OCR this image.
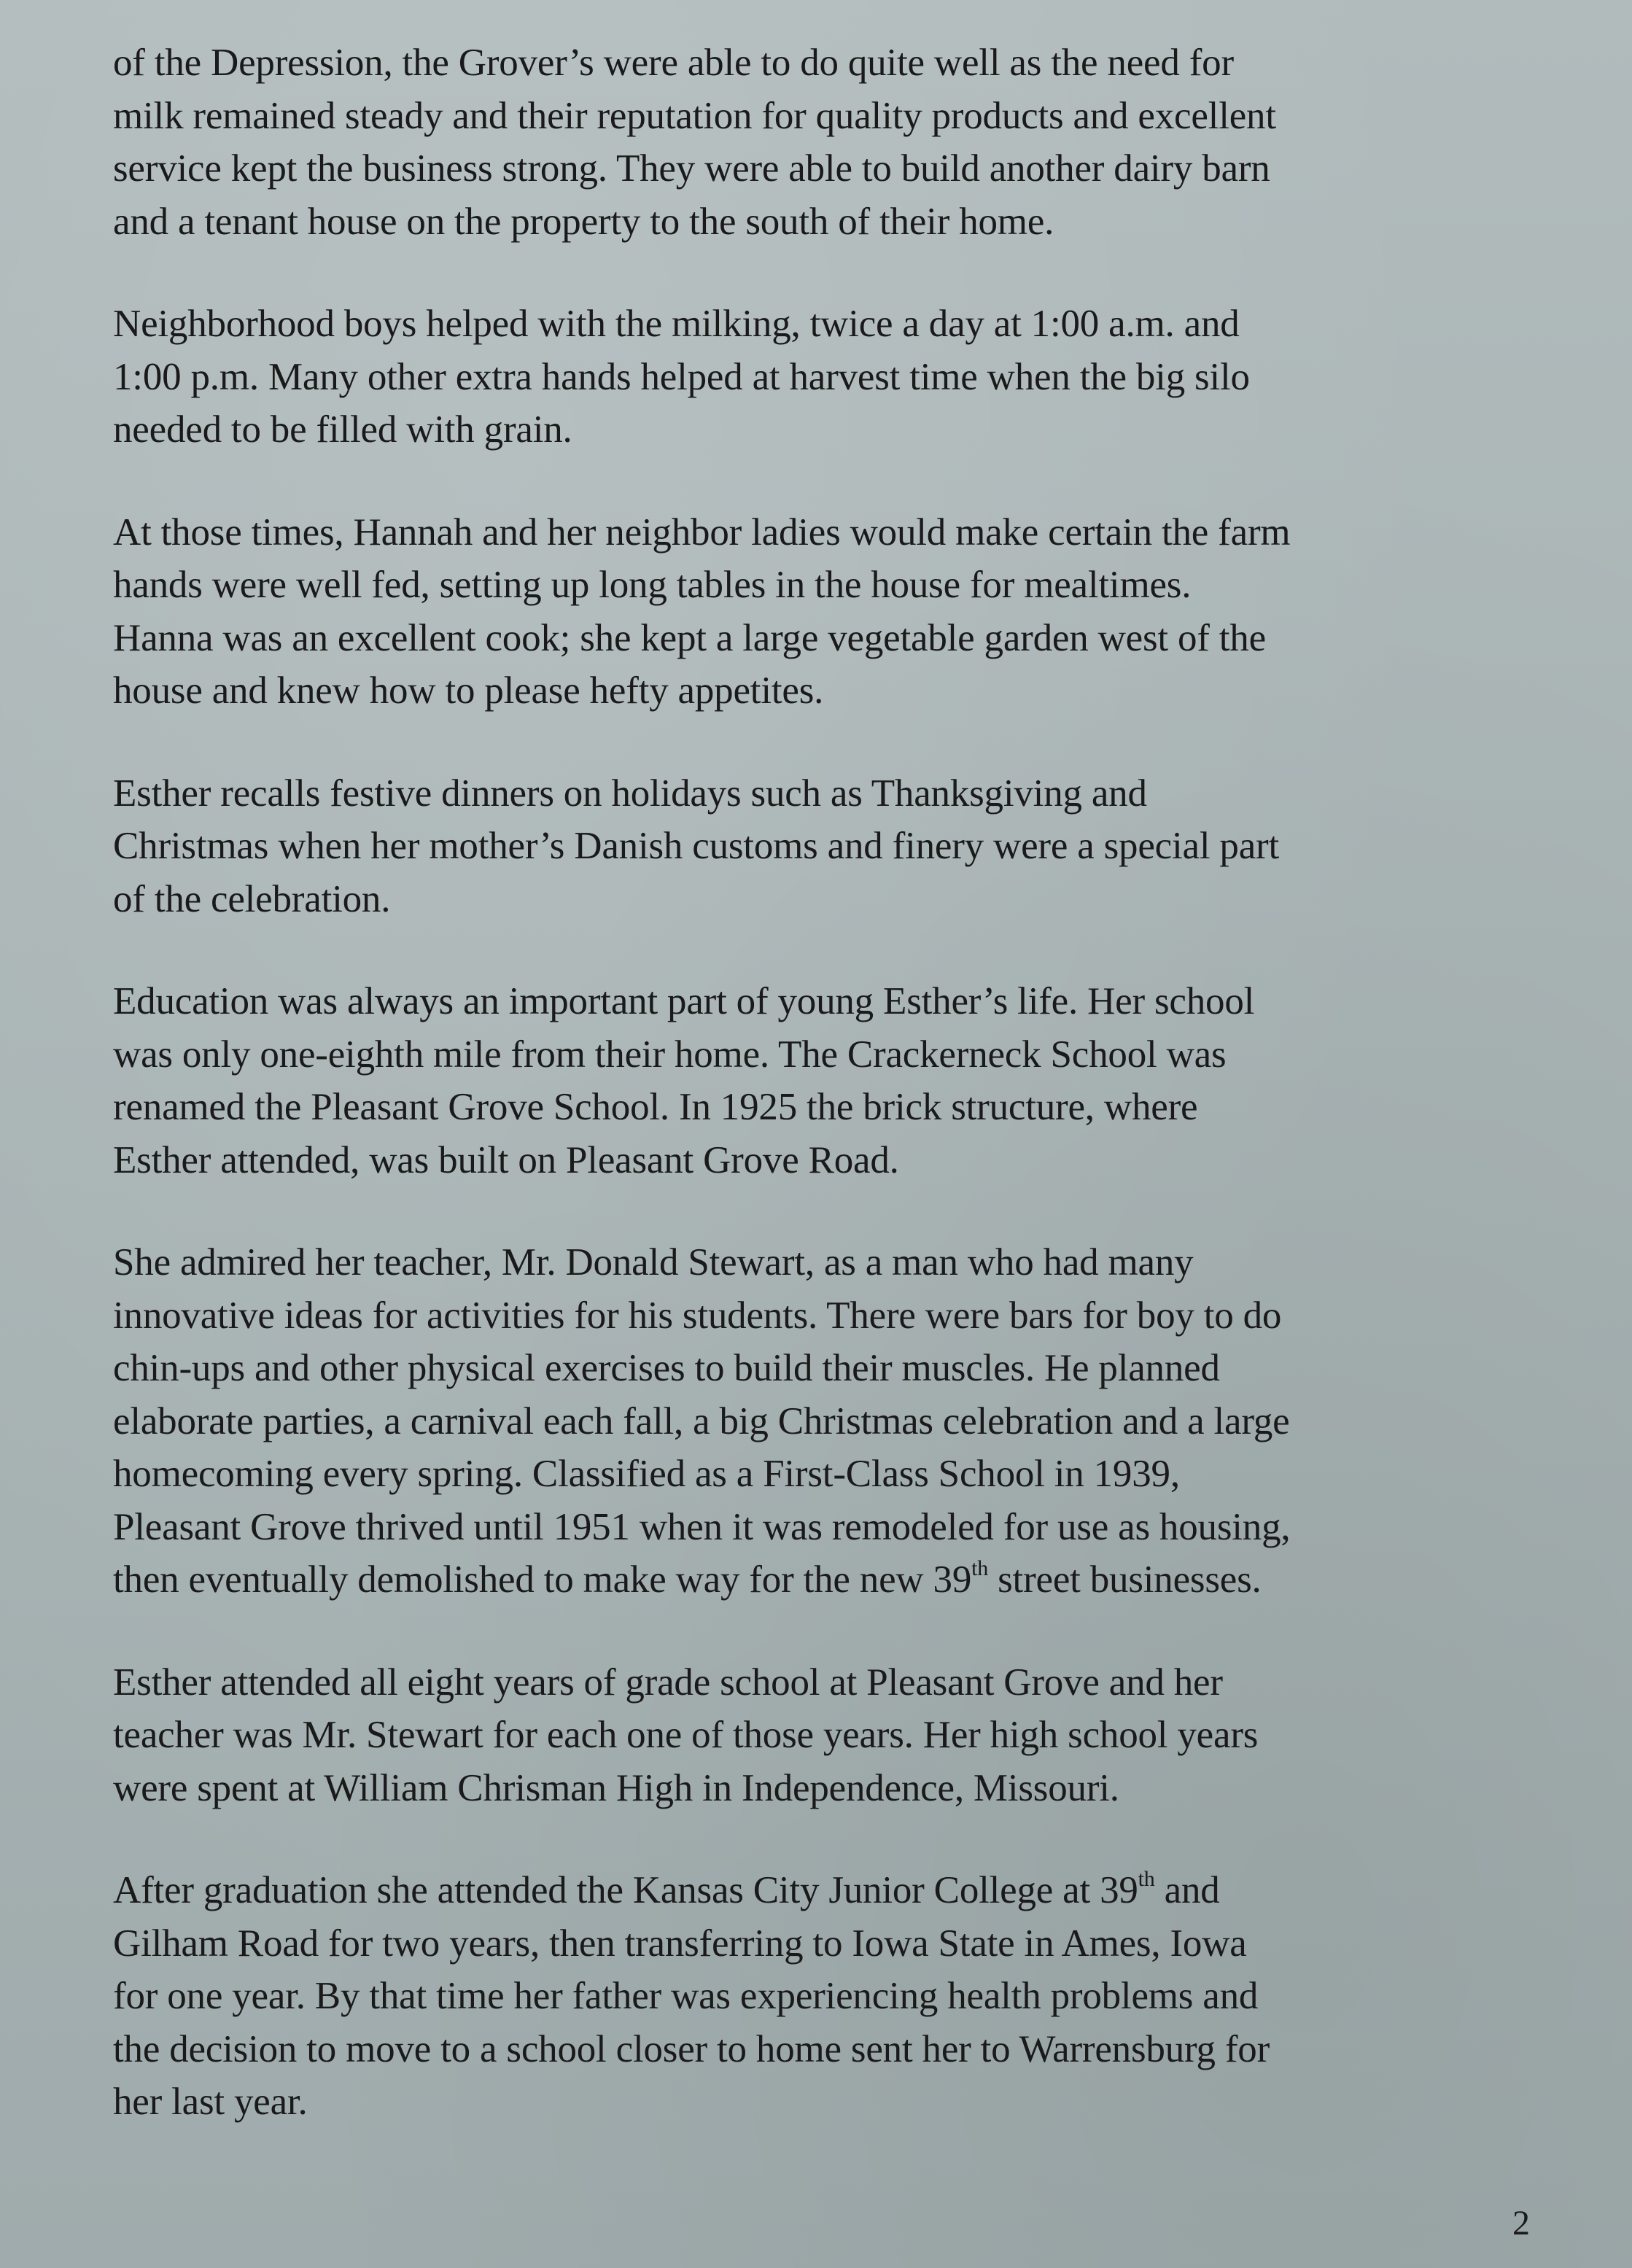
of the Depression, the Grover’s were able to do quite well as the need for
milk remained steady and their reputation for quality products and excellent
service kept the business strong. They were able to build another dairy barn
and a tenant house on the property to the south of their home.

Neighborhood boys helped with the milking, twice a day at 1:00 a.m. and
1:00 p.m. Many other extra hands helped at harvest time when the big silo
needed to be filled with grain.

At those times, Hannah and her neighbor ladies would make certain the farm
hands were well fed, setting up long tables in the house for mealtimes.
Hanna was an excellent cook; she kept a large vegetable garden west of the
house and knew how to please hefty appetites.

Esther recalls festive dinners on holidays such as Thanksgiving and
Christmas when her mother’s Danish customs and finery were a special part
of the celebration.

Education was always an important part of young Esther’s life. Her school
was only one-eighth mile from their home. The Crackerneck School was
renamed the Pleasant Grove School. In 1925 the brick structure, where
Esther attended, was built on Pleasant Grove Road.

She admired her teacher, Mr. Donald Stewart, as a man who had many
innovative ideas for activities for his students. There were bars for boy to do
chin-ups and other physical exercises to build their muscles. He planned
elaborate parties, a carnival each fall, a big Christmas celebration and a large
homecoming every spring. Classified as a First-Class School in 1939,
Pleasant Grove thrived until 1951 when it was remodeled for use as housing,
then eventually demolished to make way for the new 39th street businesses.

Esther attended all eight years of grade school at Pleasant Grove and her
teacher was Mr. Stewart for each one of those years. Her high school years
were spent at William Chrisman High in Independence, Missouri.

After graduation she attended the Kansas City Junior College at 39th and
Gilham Road for two years, then transferring to Iowa State in Ames, Iowa
for one year. By that time her father was experiencing health problems and
the decision to move to a school closer to home sent her to Warrensburg for
her last year.

2
